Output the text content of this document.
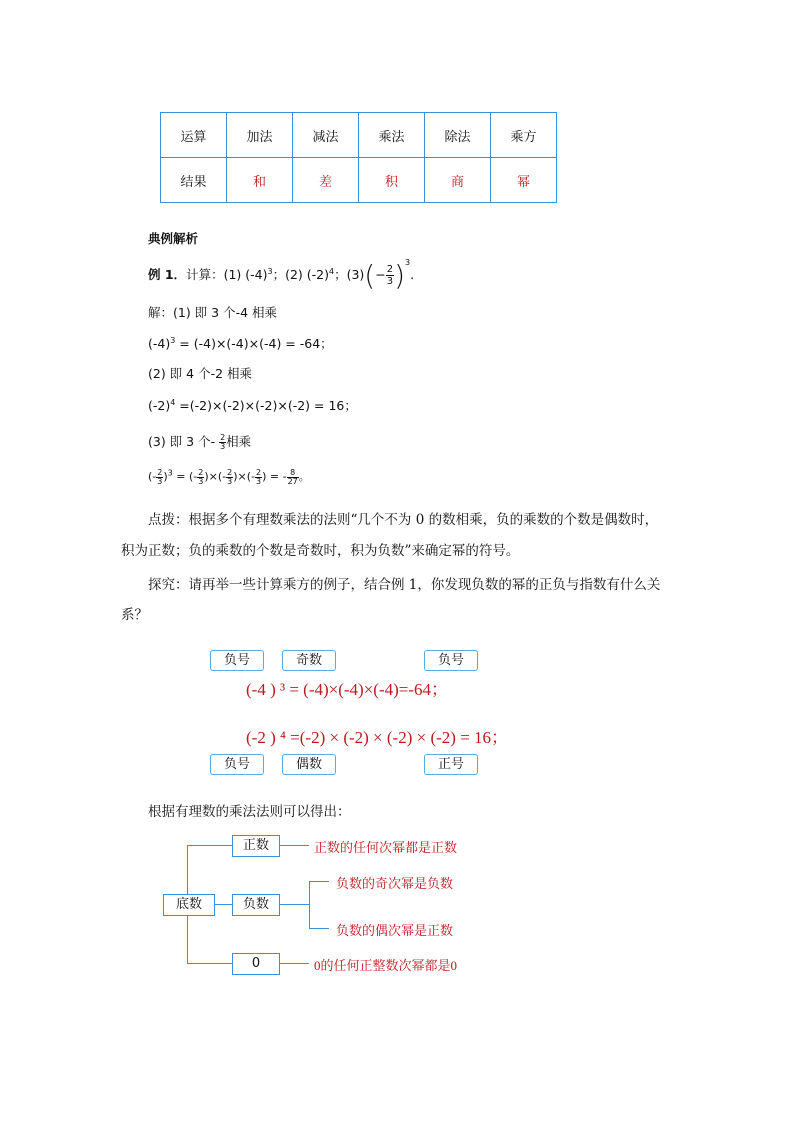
运算	加法	减法	乘法	除法	乘方
结果	和	差	积	商	幂
典例解析
例 1．计算：(1) $(-4)^3$；(2) $(-2)^4$；$(3)(- \frac{2}{3} )^3$.
解：(1) 即 3 个-4 相乘
$(-4)^3 = (-4)\times(-4)\times(-4) = -64$；
(2) 即 4 个-2 相乘
$(-2)^4 =(-2)\times(-2)\times(-2)\times(-2) = 16$；
(3) 即 3 个- $\frac{2}{3}$ 相乘
(- $\frac{2}{3} )^3$ = (- $\frac{2}{3}$ )×(- $\frac{2}{3}$ )×(- $\frac{2}{3}$ ) = - $\frac{8}{27}$ 。
点拨：根据多个有理数乘法的法则“几个不为 0 的数相乘，负的乘数的个数是偶数时，
积为正数；负的乘数的个数是奇数时，积为负数”来确定幂的符号。
探究：请再举一些计算乘方的例子，结合例 1，你发现负数的幂的正负与指数有什么关
系？
负号	奇数	负号
(-4 ) ³ = (-4)×(-4)×(-4)=-64；
(-2 ) ⁴ =(-2) × (-2) × (-2) × (-2) = 16；
负号	偶数	正号
根据有理数的乘法法则可以得出：
底数
正数
负数
0
正数的任何次幂都是正数
负数的奇次幂是负数
负数的偶次幂是正数
0的任何正整数次幂都是0
